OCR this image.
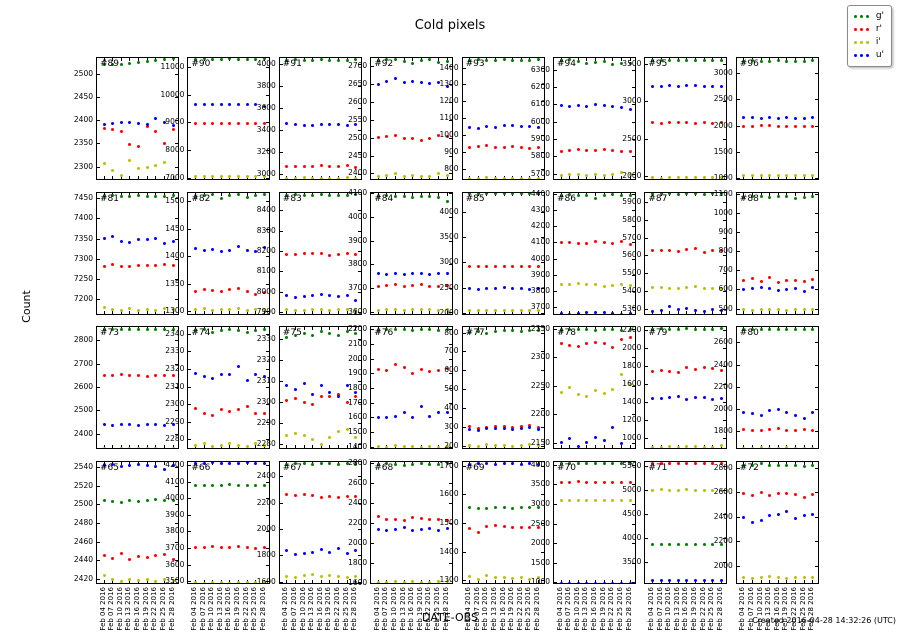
Cold pixels
g'
r'
i'
u'
Count
#89
2300
2350
2400
2450
2500
#90
7000
8000
9000
10000
11000	#91
3000
3200
3400
3600
3800
4000	#92
2400
2450
2500
2550
2600
2650
2700	#93
800
900
1000
1100
1200
1300
1400	#94
5700
5800
5900
6000
6100
6200
6300
#95
2000
2500
3000
3500	#96
1000
1500
2000
2500
3000
#81
7200
7250
7300
7350
7400
7450	#82
1300
1350
1400
1450
1500	#83
7900
8000
8100
8200
8300
8400
#84
3600
3700
3800
3900
4000
4100
#85
2000
2500
3000
3500
4000
#86
3700
3800
3900
4000
4100
4200
4300
4400
#87
5300
5400
5500
5600
5700
5800
5900	#88
500
600
700
800
900
1000
1100
#73
2400
2500
2600
2700
2800
#74
2280
2290
2300
2310
2320
2330
2340	#75
2280
2290
2300
2310
2320
2330
#76
1400
1500
1600
1700
1800
1900
2000
2100
2200	#77
200
300
400
500
600
700
800	#78
2150
2200
2250
2300
2350
#79
1000
1200
1400
1600
1800
2000
2200	#80
1800
2000
2200
2400
2600
#65
2420
2440
2460
2480
2500
2520
2540
Feb 04 2016 Feb 07 2016 Feb 10 2016 Feb 13 2016 Feb 16 2016 Feb 19 2016 Feb 22 2016 Feb 25 2016 Feb 28 2016
#66
3500
3600
3700
3800
3900
4000
4100
4200
Feb 04 2016 Feb 07 2016 Feb 10 2016 Feb 13 2016 Feb 16 2016 Feb 19 2016 Feb 22 2016 Feb 25 2016 Feb 28 2016
#67
1600
1800
2000
2200
2400
Feb 04 2016 Feb 07 2016 Feb 10 2016 Feb 13 2016 Feb 16 2016 Feb 19 2016 Feb 22 2016 Feb 25 2016 Feb 28 2016
#68
1600
1800
2000
2200
2400
2600
2800
Feb 04 2016 Feb 07 2016 Feb 10 2016 Feb 13 2016 Feb 16 2016 Feb 19 2016 Feb 22 2016 Feb 25 2016 Feb 28 2016
#69
1300
1400
1500
1600
1700
Feb 04 2016 Feb 07 2016 Feb 10 2016 Feb 13 2016 Feb 16 2016 Feb 19 2016 Feb 22 2016 Feb 25 2016 Feb 28 2016
#70
1000
1500
2000
2500
3000
3500
4000
Feb 04 2016 Feb 07 2016 Feb 10 2016 Feb 13 2016 Feb 16 2016 Feb 19 2016 Feb 22 2016 Feb 25 2016 Feb 28 2016
#71
3500
4000
4500
5000
5500
Feb 04 2016 Feb 07 2016 Feb 10 2016 Feb 13 2016 Feb 16 2016 Feb 19 2016 Feb 22 2016 Feb 25 2016 Feb 28 2016
#72
2000
2200
2400
2600
2800
Feb 04 2016 Feb 07 2016 Feb 10 2016 Feb 13 2016 Feb 16 2016 Feb 19 2016 Feb 22 2016 Feb 25 2016 Feb 28 2016
DATE-OBS	Created 2016-04-28 14:32:26 (UTC)
